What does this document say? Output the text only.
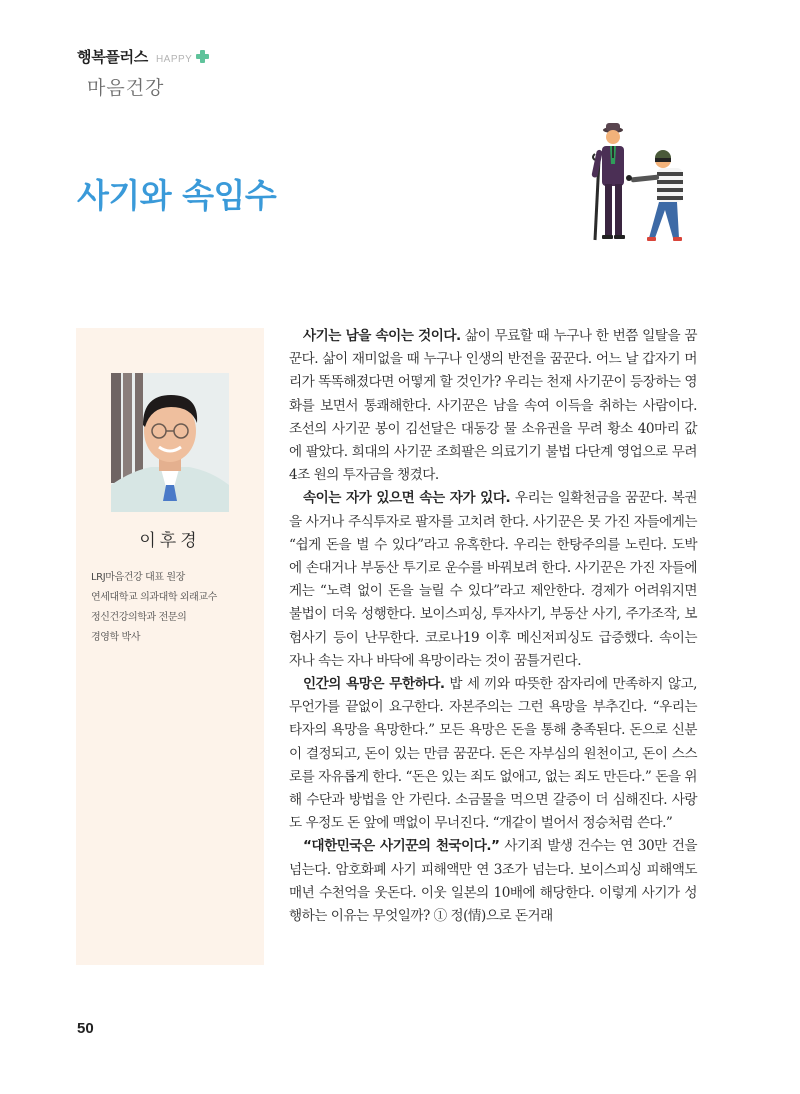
행복플러스 HAPPY
마음건강
사기와 속임수
이후경
LRJ마음건강 대표 원장
연세대학교 의과대학 외래교수
정신건강의학과 전문의
경영학 박사

사기는 남을 속이는 것이다. 삶이 무료할 때 누구나 한 번쯤 일탈을 꿈꾼다. 삶이 재미없을 때 누구나 인생의 반전을 꿈꾼다. 어느 날 갑자기 머리가 똑똑해졌다면 어떻게 할 것인가? 우리는 천재 사기꾼이 등장하는 영화를 보면서 통쾌해한다. 사기꾼은 남을 속여 이득을 취하는 사람이다. 조선의 사기꾼 봉이 김선달은 대동강 물 소유권을 무려 황소 40마리 값에 팔았다. 희대의 사기꾼 조희팔은 의료기기 불법 다단계 영업으로 무려 4조 원의 투자금을 챙겼다.

속이는 자가 있으면 속는 자가 있다. 우리는 일확천금을 꿈꾼다. 복권을 사거나 주식투자로 팔자를 고치려 한다. 사기꾼은 못 가진 자들에게는 “쉽게 돈을 벌 수 있다”라고 유혹한다. 우리는 한탕주의를 노린다. 도박에 손대거나 부동산 투기로 운수를 바꿔보려 한다. 사기꾼은 가진 자들에게는 “노력 없이 돈을 늘릴 수 있다”라고 제안한다. 경제가 어려워지면 불법이 더욱 성행한다. 보이스피싱, 투자사기, 부동산 사기, 주가조작, 보험사기 등이 난무한다. 코로나19 이후 메신저피싱도 급증했다. 속이는 자나 속는 자나 바닥에 욕망이라는 것이 꿈틀거린다.

인간의 욕망은 무한하다. 밥 세 끼와 따뜻한 잠자리에 만족하지 않고, 무언가를 끝없이 요구한다. 자본주의는 그런 욕망을 부추긴다. “우리는 타자의 욕망을 욕망한다.” 모든 욕망은 돈을 통해 충족된다. 돈으로 신분이 결정되고, 돈이 있는 만큼 꿈꾼다. 돈은 자부심의 원천이고, 돈이 스스로를 자유롭게 한다. “돈은 있는 죄도 없애고, 없는 죄도 만든다.” 돈을 위해 수단과 방법을 안 가린다. 소금물을 먹으면 갈증이 더 심해진다. 사랑도 우정도 돈 앞에 맥없이 무너진다. “개같이 벌어서 정승처럼 쓴다.”

“대한민국은 사기꾼의 천국이다.” 사기죄 발생 건수는 연 30만 건을 넘는다. 암호화폐 사기 피해액만 연 3조가 넘는다. 보이스피싱 피해액도 매년 수천억을 웃돈다. 이웃 일본의 10배에 해당한다. 이렇게 사기가 성행하는 이유는 무엇일까? ① 정(情)으로 돈거래

50
